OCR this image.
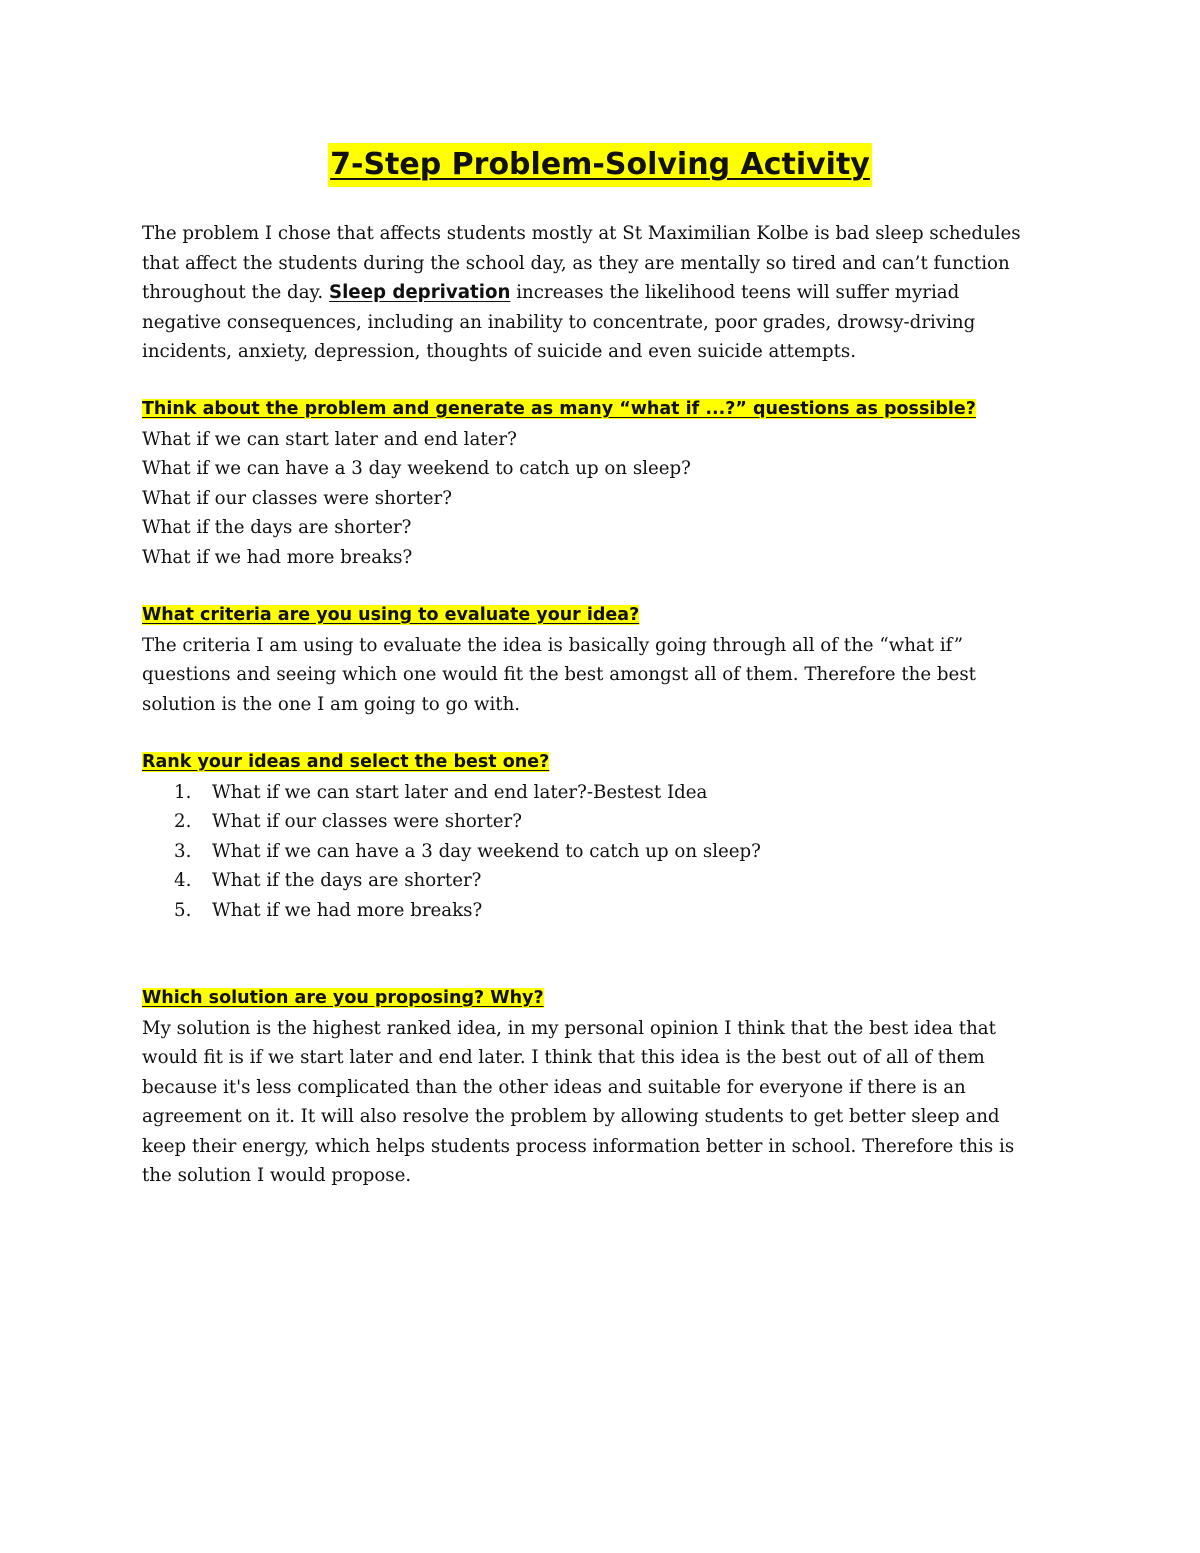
7-Step Problem-Solving Activity
The problem I chose that affects students mostly at St Maximilian Kolbe is bad sleep schedules
that affect the students during the school day, as they are mentally so tired and can’t function
throughout the day. Sleep deprivation increases the likelihood teens will suffer myriad
negative consequences, including an inability to concentrate, poor grades, drowsy-driving
incidents, anxiety, depression, thoughts of suicide and even suicide attempts.
Think about the problem and generate as many “what if ...?” questions as possible?
What if we can start later and end later?
What if we can have a 3 day weekend to catch up on sleep?
What if our classes were shorter?
What if the days are shorter?
What if we had more breaks?
What criteria are you using to evaluate your idea?
The criteria I am using to evaluate the idea is basically going through all of the “what if”
questions and seeing which one would fit the best amongst all of them. Therefore the best
solution is the one I am going to go with.
Rank your ideas and select the best one?
1. What if we can start later and end later?-Bestest Idea
2. What if our classes were shorter?
3. What if we can have a 3 day weekend to catch up on sleep?
4. What if the days are shorter?
5. What if we had more breaks?
Which solution are you proposing? Why?
My solution is the highest ranked idea, in my personal opinion I think that the best idea that
would fit is if we start later and end later. I think that this idea is the best out of all of them
because it's less complicated than the other ideas and suitable for everyone if there is an
agreement on it. It will also resolve the problem by allowing students to get better sleep and
keep their energy, which helps students process information better in school. Therefore this is
the solution I would propose.
